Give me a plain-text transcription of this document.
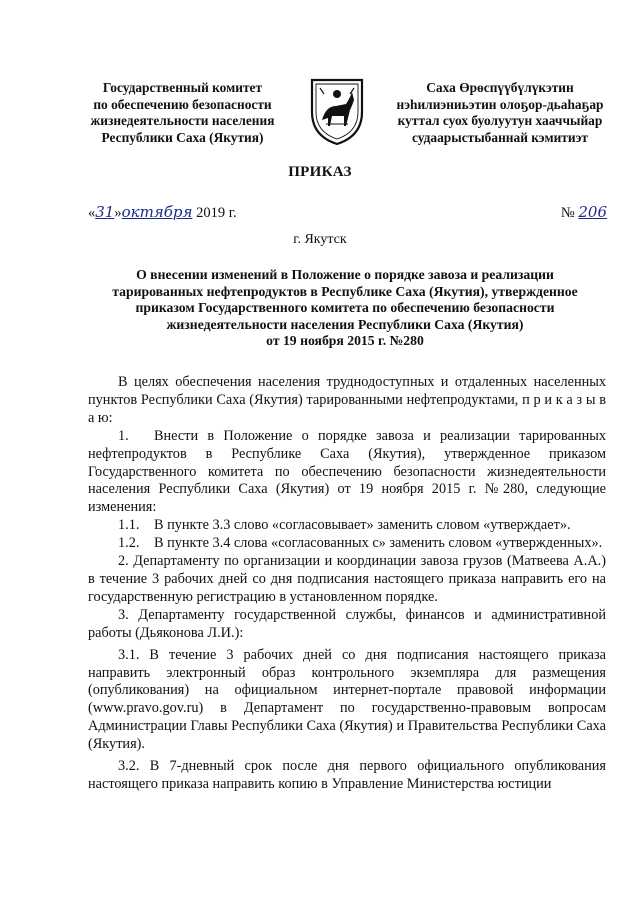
Государственный комитет
по обеспечению безопасности
жизнедеятельности населения
Республики Саха (Якутия)
Саха Өрөспүүбүлүкэтин
нэһилиэниьэтин олоҕор-дьаһаҕар
куттал суох буолуутун хааччыйар
судаарыстыбаннай кэмитиэт
ПРИКАЗ
«31»октября 2019 г.	№ 206
г. Якутск
О внесении изменений в Положение о порядке завоза и реализации
тарированных нефтепродуктов в Республике Саха (Якутия), утвержденное
приказом Государственного комитета по обеспечению безопасности
жизнедеятельности населения Республики Саха (Якутия)
от 19 ноября 2015 г. №280

В целях обеспечения населения труднодоступных и отдаленных населенных пунктов Республики Саха (Якутия) тарированными нефтепродуктами, п р и к а з ы в а ю:

1. Внести в Положение о порядке завоза и реализации тарированных нефтепродуктов в Республике Саха (Якутия), утвержденное приказом Государственного комитета по обеспечению безопасности жизнедеятельности населения Республики Саха (Якутия) от 19 ноября 2015 г. №280, следующие изменения:

1.1. В пункте 3.3 слово «согласовывает» заменить словом «утверждает».

1.2. В пункте 3.4 слова «согласованных с» заменить словом «утвержденных».

2. Департаменту по организации и координации завоза грузов (Матвеева А.А.) в течение 3 рабочих дней со дня подписания настоящего приказа направить его на государственную регистрацию в установленном порядке.

3. Департаменту государственной службы, финансов и административной работы (Дьяконова Л.И.):

3.1. В течение 3 рабочих дней со дня подписания настоящего приказа направить электронный образ контрольного экземпляра для размещения (опубликования) на официальном интернет-портале правовой информации (www.pravo.gov.ru) в Департамент по государственно-правовым вопросам Администрации Главы Республики Саха (Якутия) и Правительства Республики Саха (Якутия).

3.2. В 7-дневный срок после дня первого официального опубликования настоящего приказа направить копию в Управление Министерства юстиции
